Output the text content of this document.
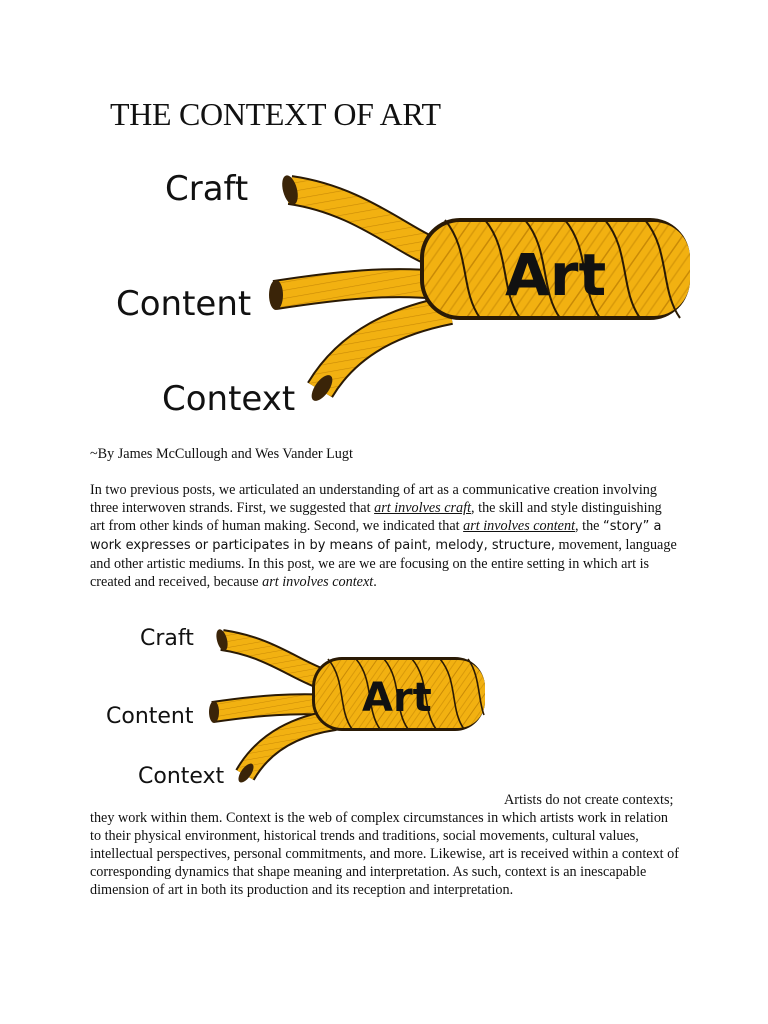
THE CONTEXT OF ART
Craft
Content
Context
Art
~By James McCullough and Wes Vander Lugt

In two previous posts, we articulated an understanding of art as a communicative creation involving three interwoven strands. First, we suggested that art involves craft, the skill and style distinguishing art from other kinds of human making. Second, we indicated that art involves content, the “story” a work expresses or participates in by means of paint, melody, structure, movement, language and other artistic mediums. In this post, we are we are focusing on the entire setting in which art is created and received, because art involves context.

Craft
Content
Context
Art

Artists do not create contexts; they work within them. Context is the web of complex circumstances in which artists work in relation to their physical environment, historical trends and traditions, social movements, cultural values, intellectual perspectives, personal commitments, and more. Likewise, art is received within a context of corresponding dynamics that shape meaning and interpretation. As such, context is an inescapable dimension of art in both its production and its reception and interpretation.
